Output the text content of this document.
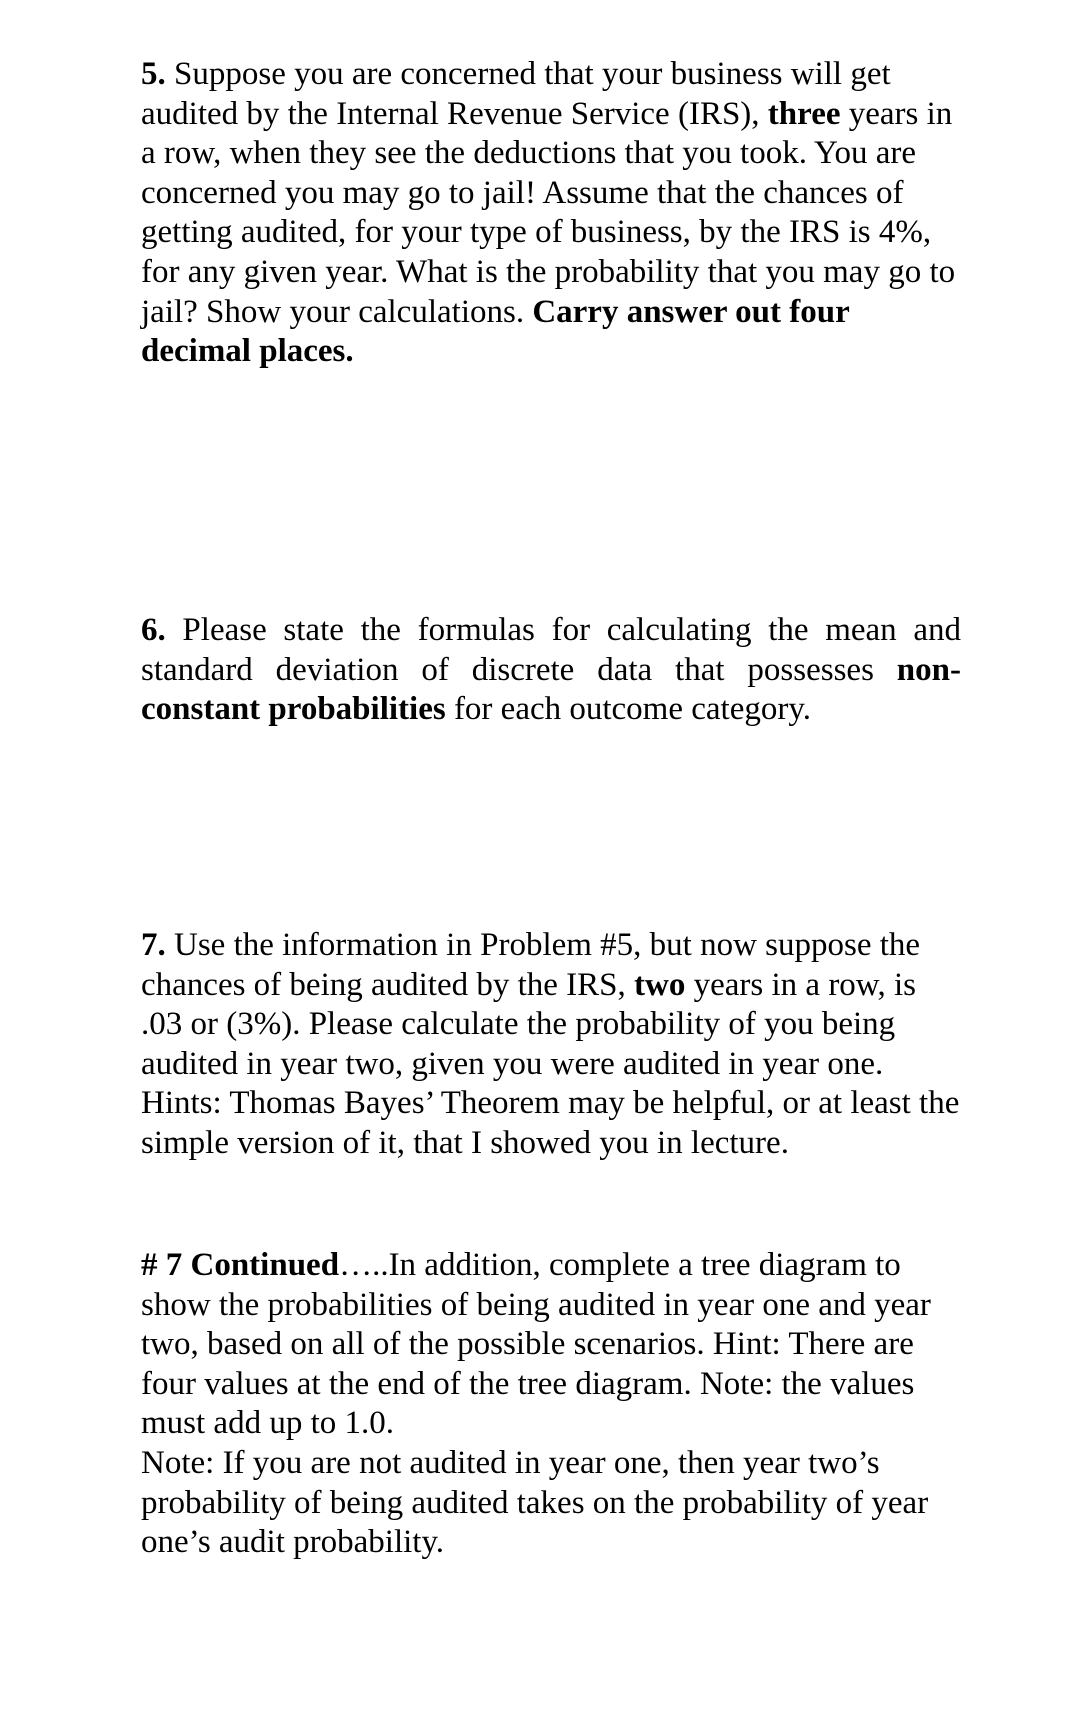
5. Suppose you are concerned that your business will get audited by the Internal Revenue Service (IRS), three years in a row, when they see the deductions that you took. You are concerned you may go to jail! Assume that the chances of getting audited, for your type of business, by the IRS is 4%, for any given year. What is the probability that you may go to jail? Show your calculations. Carry answer out four decimal places.

6. Please state the formulas for calculating the mean and standard deviation of discrete data that possesses non-constant probabilities for each outcome category.

7. Use the information in Problem #5, but now suppose the chances of being audited by the IRS, two years in a row, is .03 or (3%). Please calculate the probability of you being audited in year two, given you were audited in year one. Hints: Thomas Bayes’ Theorem may be helpful, or at least the simple version of it, that I showed you in lecture.

# 7 Continued…..In addition, complete a tree diagram to show the probabilities of being audited in year one and year two, based on all of the possible scenarios. Hint: There are four values at the end of the tree diagram. Note: the values must add up to 1.0.

Note: If you are not audited in year one, then year two’s probability of being audited takes on the probability of year one’s audit probability.
